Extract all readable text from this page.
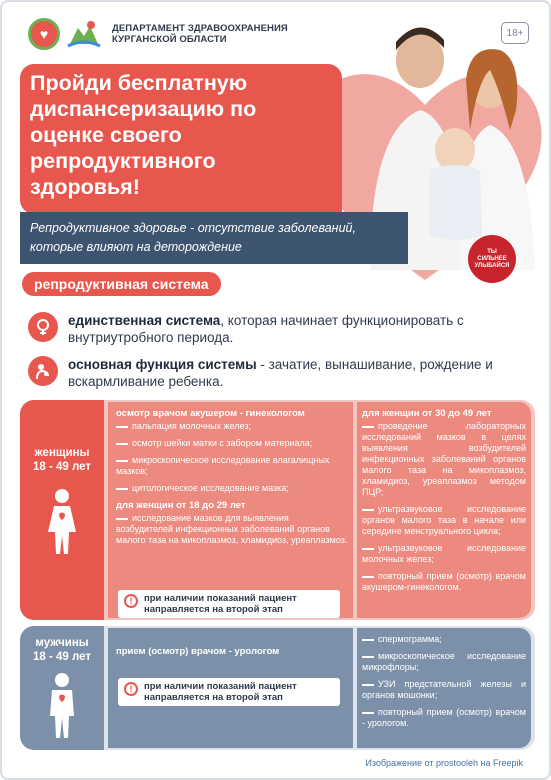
♥	ДЕПАРТАМЕНТ ЗДРАВООХРАНЕНИЯ
КУРГАНСКОЙ ОБЛАСТИ
18+
ТЫ
СИЛЬНЕЕ
УЛЫБАЙСЯ
Пройди бесплатную диспансеризацию по оценке своего репродуктивного здоровья!

Репродуктивное здоровье - отсутствие заболеваний, которые влияют на деторождение

репродуктивная система

единственная система, которая начинает функционировать с внутриутробного периода.

основная функция системы - зачатие, вынашивание, рождение и вскармливание ребенка.

женщины
18 - 49 лет
осмотр врачом акушером - гинекологом
пальпация молочных желез;
осмотр шейки матки с забором материала;
микроскопическое исследование влагалищных мазков;
цитологическое исследование мазка;
для женщин от 18 до 29 лет
исследование мазков для выявления возбудителей инфекционных заболеваний органов малого таза на микоплазмоз, хламидиоз, уреаплазмоз.
!	при наличии показаний пациент направляется на второй этап
для женщин от 30 до 49 лет
проведение лабораторных исследований мазков в целях выявления возбудителей инфекционных заболеваний органов малого таза на микоплазмоз, хламидиоз, уреаплазмоз методом ПЦР;
ультразвуковое исследование органов малого таза в начале или середине менструального цикла;
ультразвуковое исследование молочных желез;
повторный прием (осмотр) врачом акушером-гинекологом.
мужчины
18 - 49 лет	прием (осмотр) врачом - урологом
!	при наличии показаний пациент направляется на второй этап
спермограмма;
микроскопическое исследование микрофлоры;
УЗИ предстательной железы и органов мошонки;
повторный прием (осмотр) врачом - урологом.
Изображение от prostooleh на Freepik
